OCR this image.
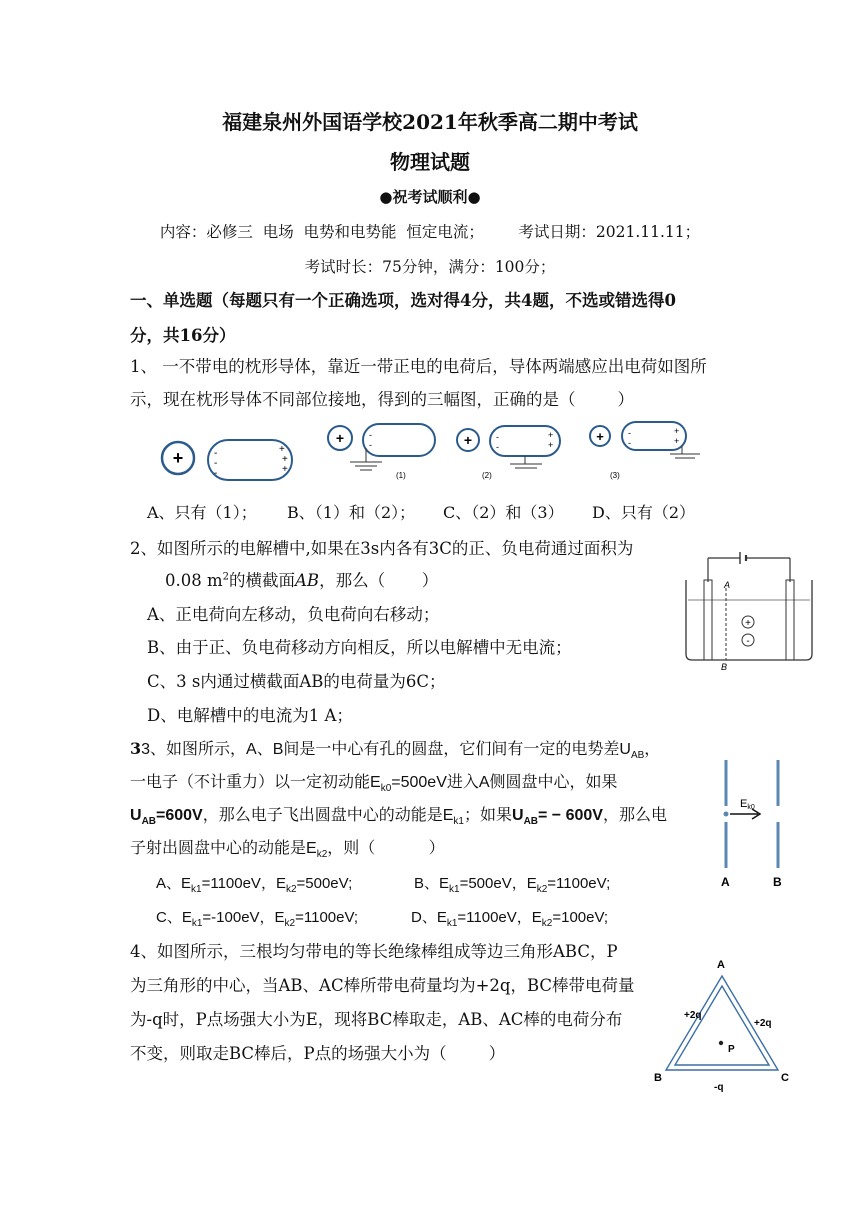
福建泉州外国语学校2021年秋季高二期中考试
物理试题
●祝考试顺利●
内容：必修三  电场  电势和电势能  恒定电流；       考试日期：2021.11.11；
考试时长：75分钟，满分：100分；
一、单选题（每题只有一个正确选项，选对得4分，共4题，不选或错选得0
分，共16分）
1、 一不带电的枕形导体，靠近一带正电的电荷后，导体两端感应出电荷如图所
示，现在枕形导体不同部位接地，得到的三幅图，正确的是（        ）
+	-
-
-
+
+
+
+	-
-
(1)
+	-
-
+
+
(2)
+	-
-
+
+
(3)
A、只有（1）； B、（1）和（2）； C、（2）和（3） D、只有（2）
2、如图所示的电解槽中,如果在3s内各有3C的正、负电荷通过面积为
0.08 $m^2$的横截面AB，那么（       ）
A、正电荷向左移动，负电荷向右移动；
B、由于正、负电荷移动方向相反，所以电解槽中无电流；
C、3 s内通过横截面AB的电荷量为6C；
D、电解槽中的电流为1 A；
A
B
+
-
33、如图所示，A、B间是一中心有孔的圆盘，它们间有一定的电势差$U_{AB}$，
一电子（不计重力）以一定初动能$E_{k0}=500eV$进入A侧圆盘中心，如果
$U_{AB}=600V$，那么电子飞出圆盘中心的动能是$E_{k1}$；如果$U_{AB}= - 600V$，那么电
子射出圆盘中心的动能是$E_{k2}$，则（            ）
A、$E_{k1}=1100eV$，$E_{k2}=500eV$;	B、$E_{k1}=500eV$，$E_{k2}=1100eV$;
C、$E_{k1}=-100eV$，$E_{k2}=1100eV$;	D、$E_{k1}=1100eV$，$E_{k2}=100eV$;
Ek0
A	B
4、如图所示，三根均匀带电的等长绝缘棒组成等边三角形ABC，P
为三角形的中心，当AB、AC棒所带电荷量均为+2q，BC棒带电荷量
为-q时，P点场强大小为E，现将BC棒取走，AB、AC棒的电荷分布
不变，则取走BC棒后，P点的场强大小为（        ）
A
P
+2q
+2q
B	C
-q
